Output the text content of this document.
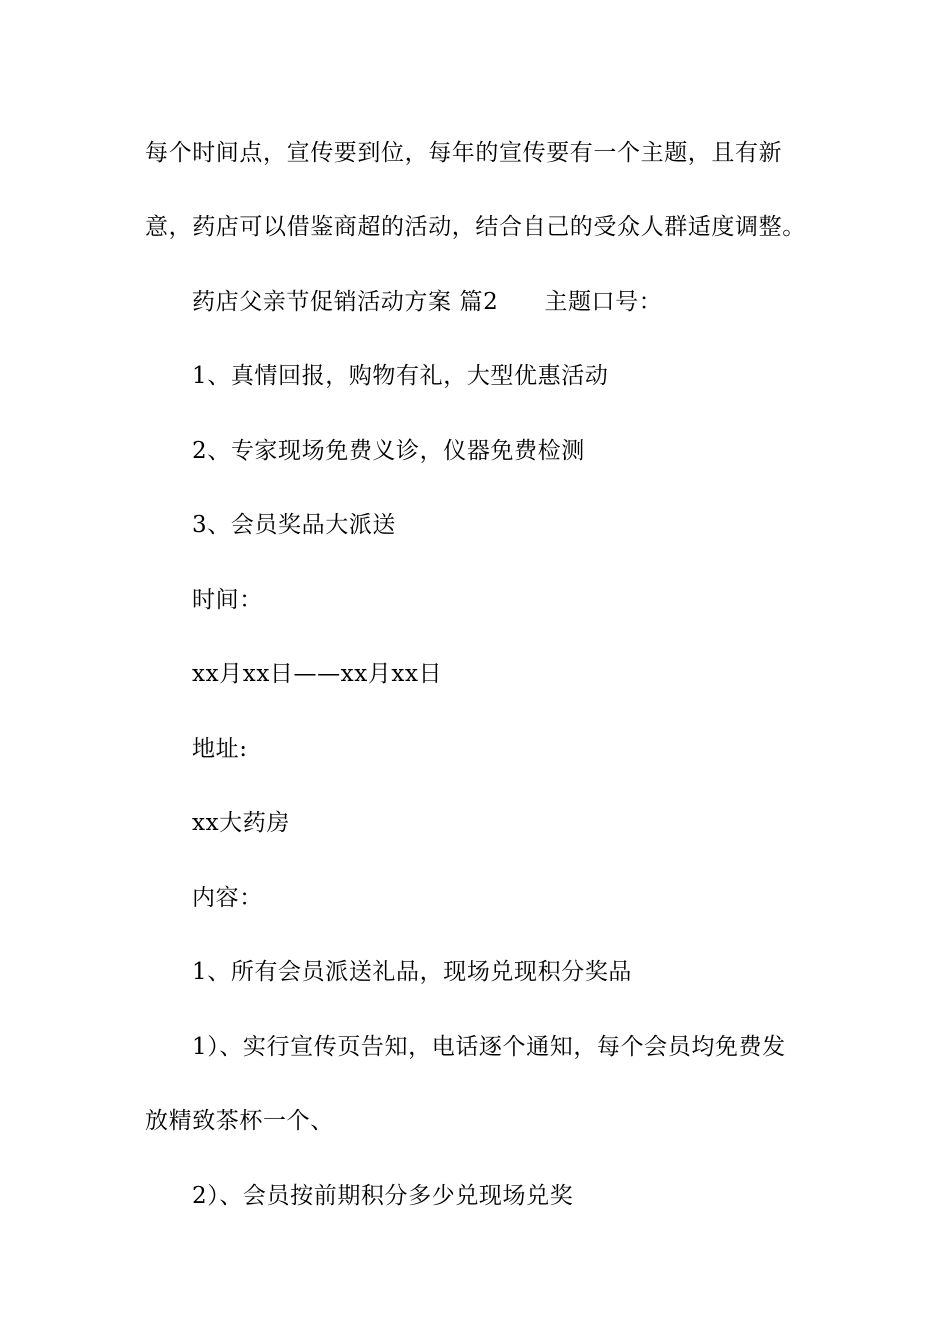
每个时间点，宣传要到位，每年的宣传要有一个主题，且有新
意，药店可以借鉴商超的活动，结合自己的受众人群适度调整。
药店父亲节促销活动方案 篇2 主题口号：
1、真情回报，购物有礼，大型优惠活动
2、专家现场免费义诊，仪器免费检测
3、会员奖品大派送
时间：
xx月xx日——xx月xx日
地址:
xx大药房
内容：
1、所有会员派送礼品，现场兑现积分奖品
1）、实行宣传页告知，电话逐个通知，每个会员均免费发
放精致茶杯一个、
2）、会员按前期积分多少兑现场兑奖
